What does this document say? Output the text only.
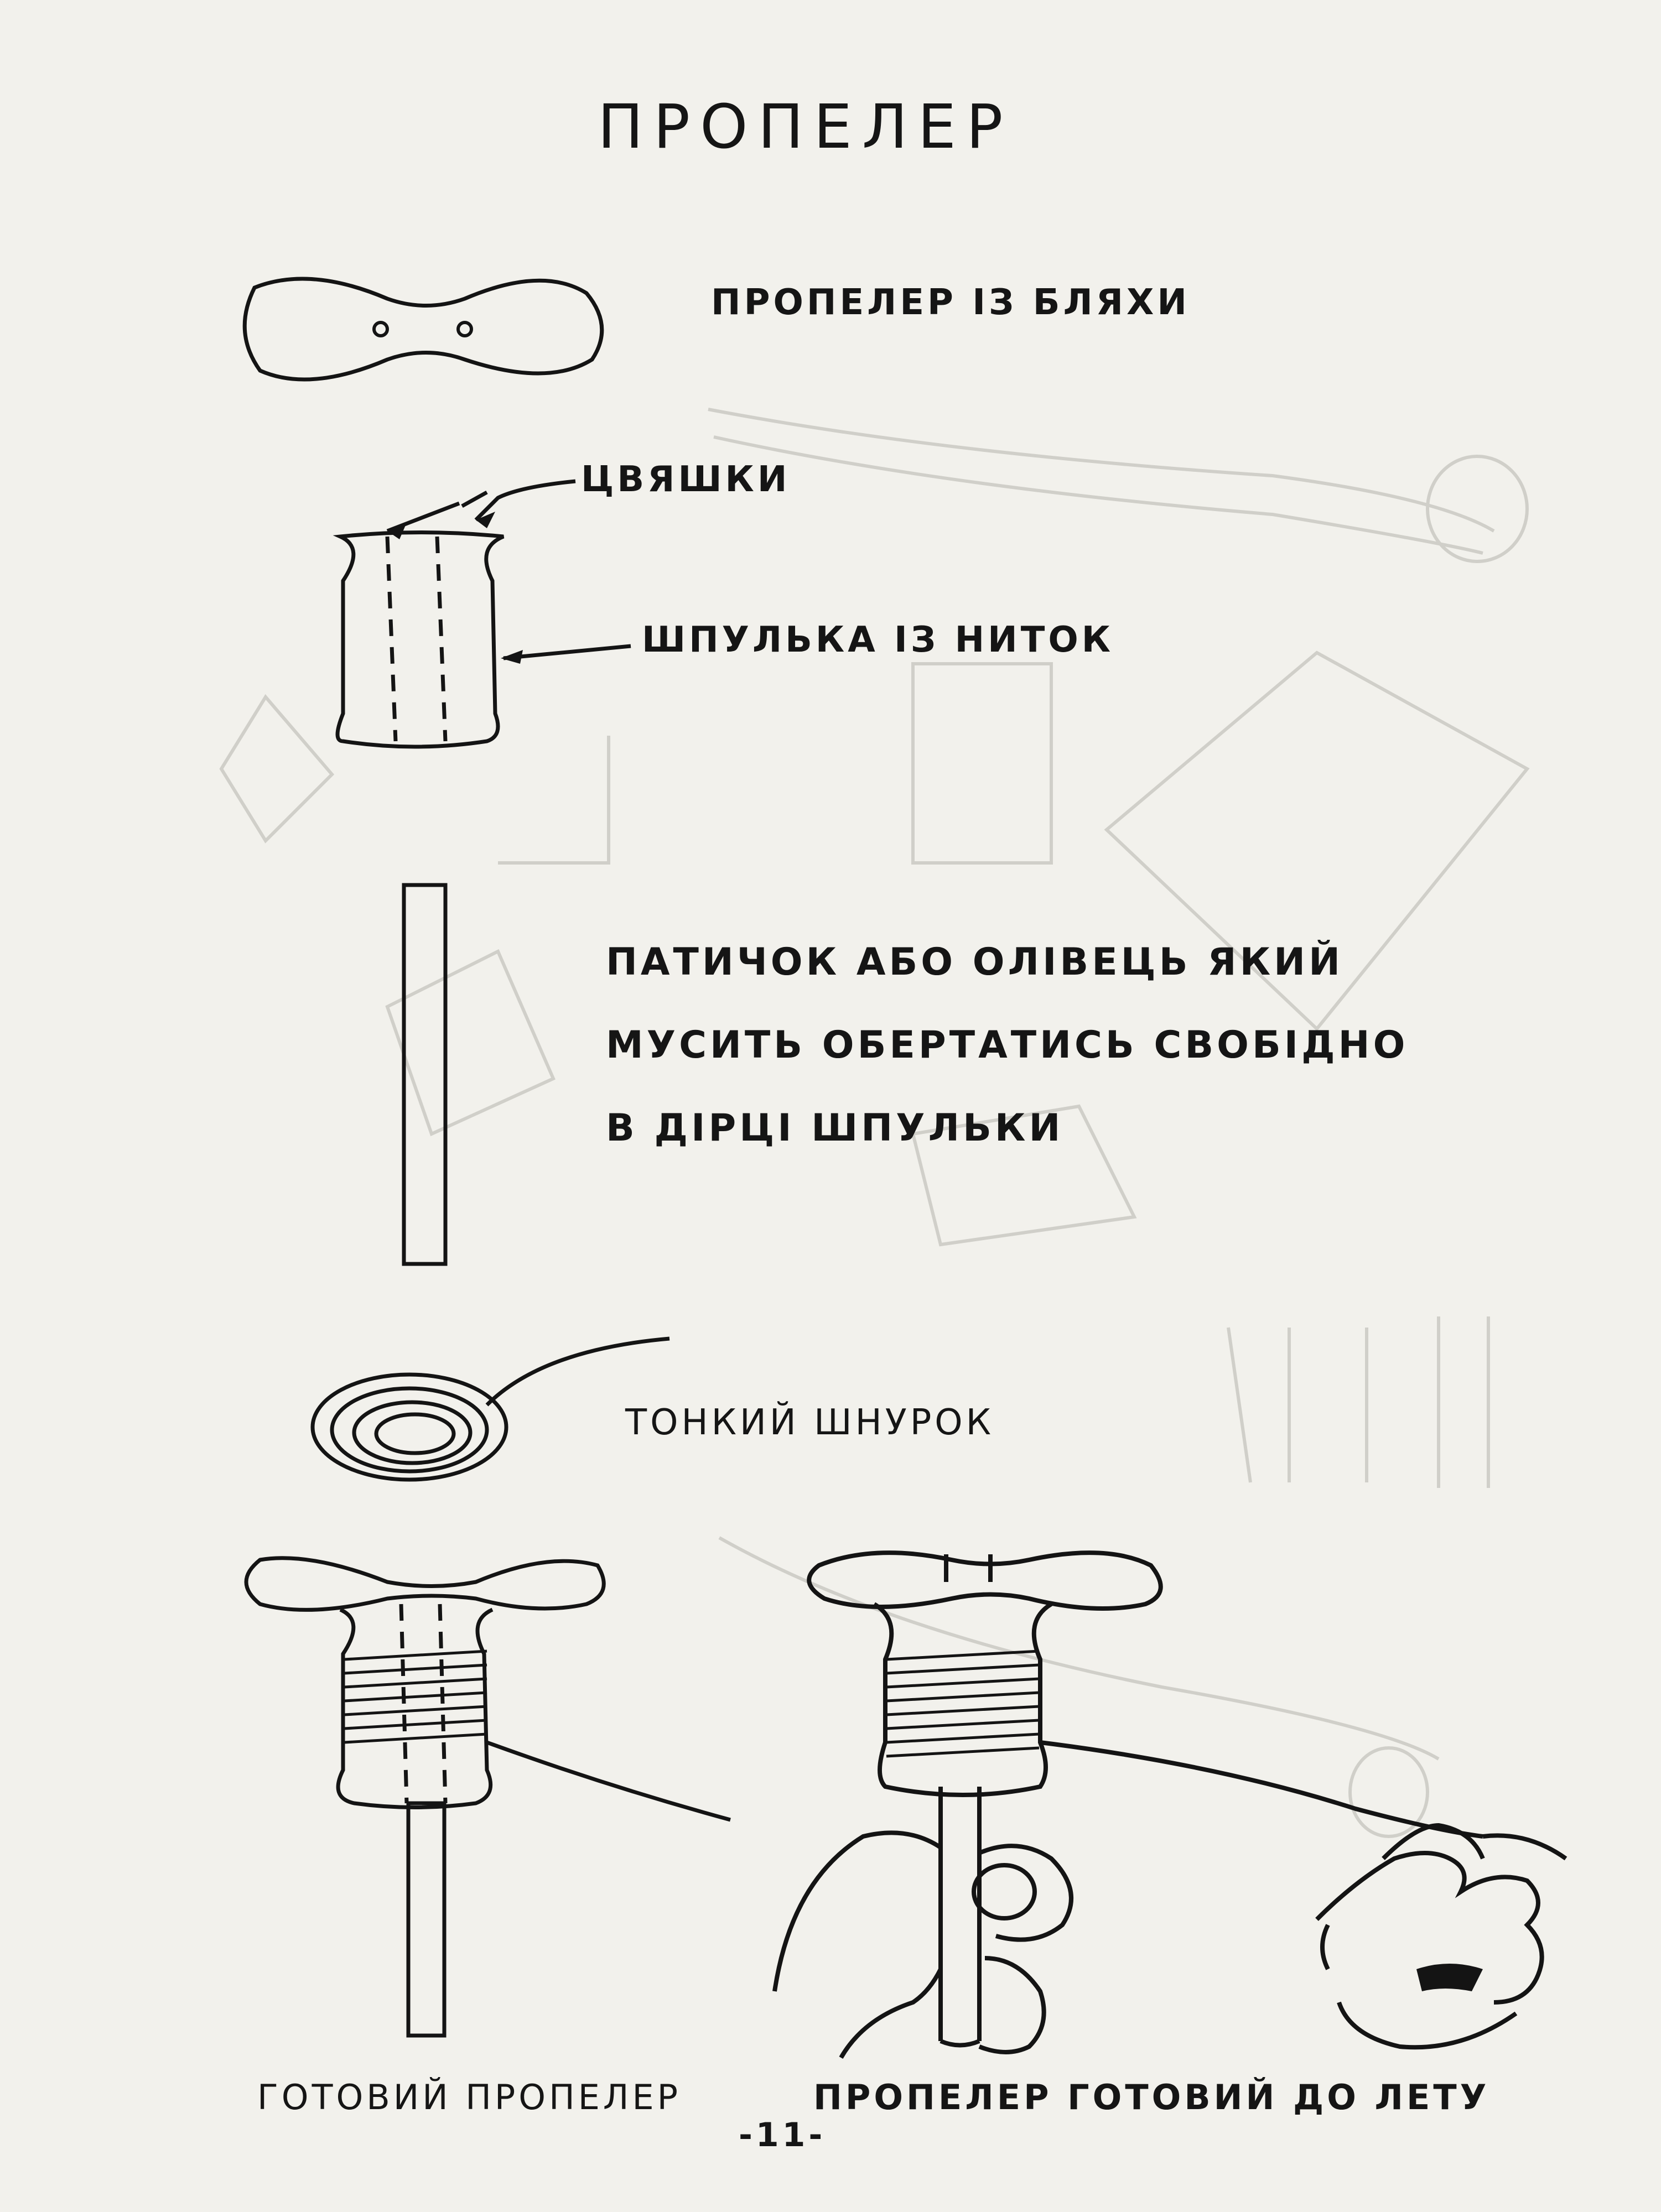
ПРОПЕЛЕР
ПРОПЕЛЕР ІЗ БЛЯХИ
ЦВЯШКИ
ШПУЛЬКА ІЗ НИТОК
ПАТИЧОК АБО ОЛІВЕЦЬ ЯКИЙ
МУСИТЬ ОБЕРТАТИСЬ СВОБІДНО
В ДІРЦІ ШПУЛЬКИ
ТОНКИЙ ШНУРОК
ГОТОВИЙ ПРОПЕЛЕР	ПРОПЕЛЕР ГОТОВИЙ ДО ЛЕТУ
-11-
